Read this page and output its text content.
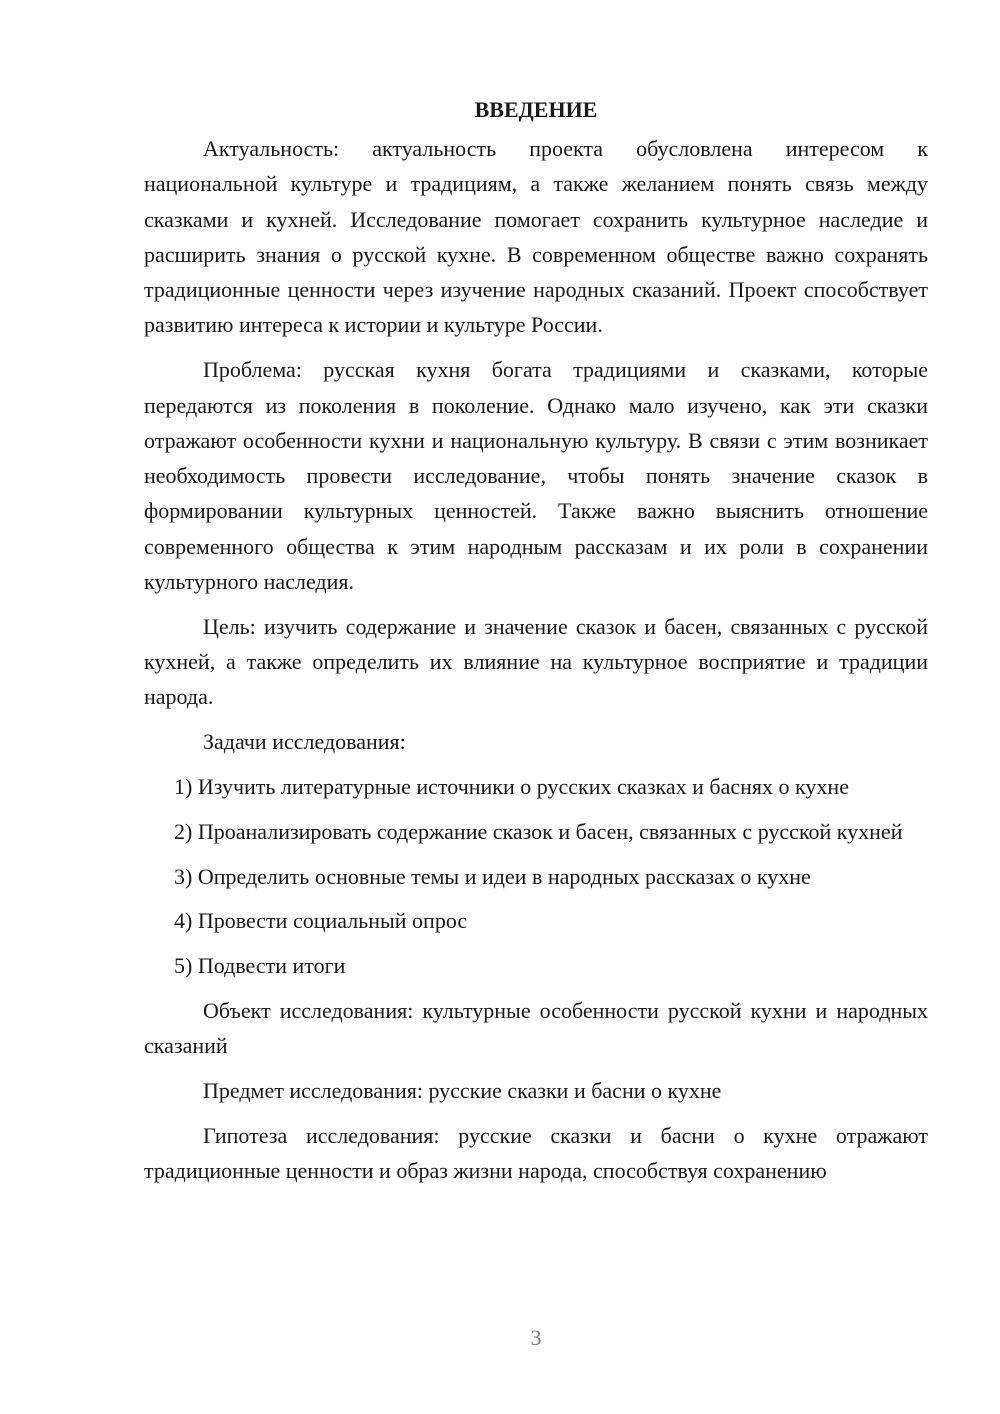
ВВЕДЕНИЕ

Актуальность: актуальность проекта обусловлена интересом к национальной культуре и традициям, а также желанием понять связь между сказками и кухней. Исследование помогает сохранить культурное наследие и расширить знания о русской кухне. В современном обществе важно сохранять традиционные ценности через изучение народных сказаний. Проект способствует развитию интереса к истории и культуре России.

Проблема: русская кухня богата традициями и сказками, которые передаются из поколения в поколение. Однако мало изучено, как эти сказки отражают особенности кухни и национальную культуру. В связи с этим возникает необходимость провести исследование, чтобы понять значение сказок в формировании культурных ценностей. Также важно выяснить отношение современного общества к этим народным рассказам и их роли в сохранении культурного наследия.

Цель: изучить содержание и значение сказок и басен, связанных с русской кухней, а также определить их влияние на культурное восприятие и традиции народа.

Задачи исследования:

1) Изучить литературные источники о русских сказках и баснях о кухне

2) Проанализировать содержание сказок и басен, связанных с русской кухней

3) Определить основные темы и идеи в народных рассказах о кухне

4) Провести социальный опрос

5) Подвести итоги

Объект исследования: культурные особенности русской кухни и народных сказаний

Предмет исследования: русские сказки и басни о кухне

Гипотеза исследования: русские сказки и басни о кухне отражают традиционные ценности и образ жизни народа, способствуя сохранению

3
